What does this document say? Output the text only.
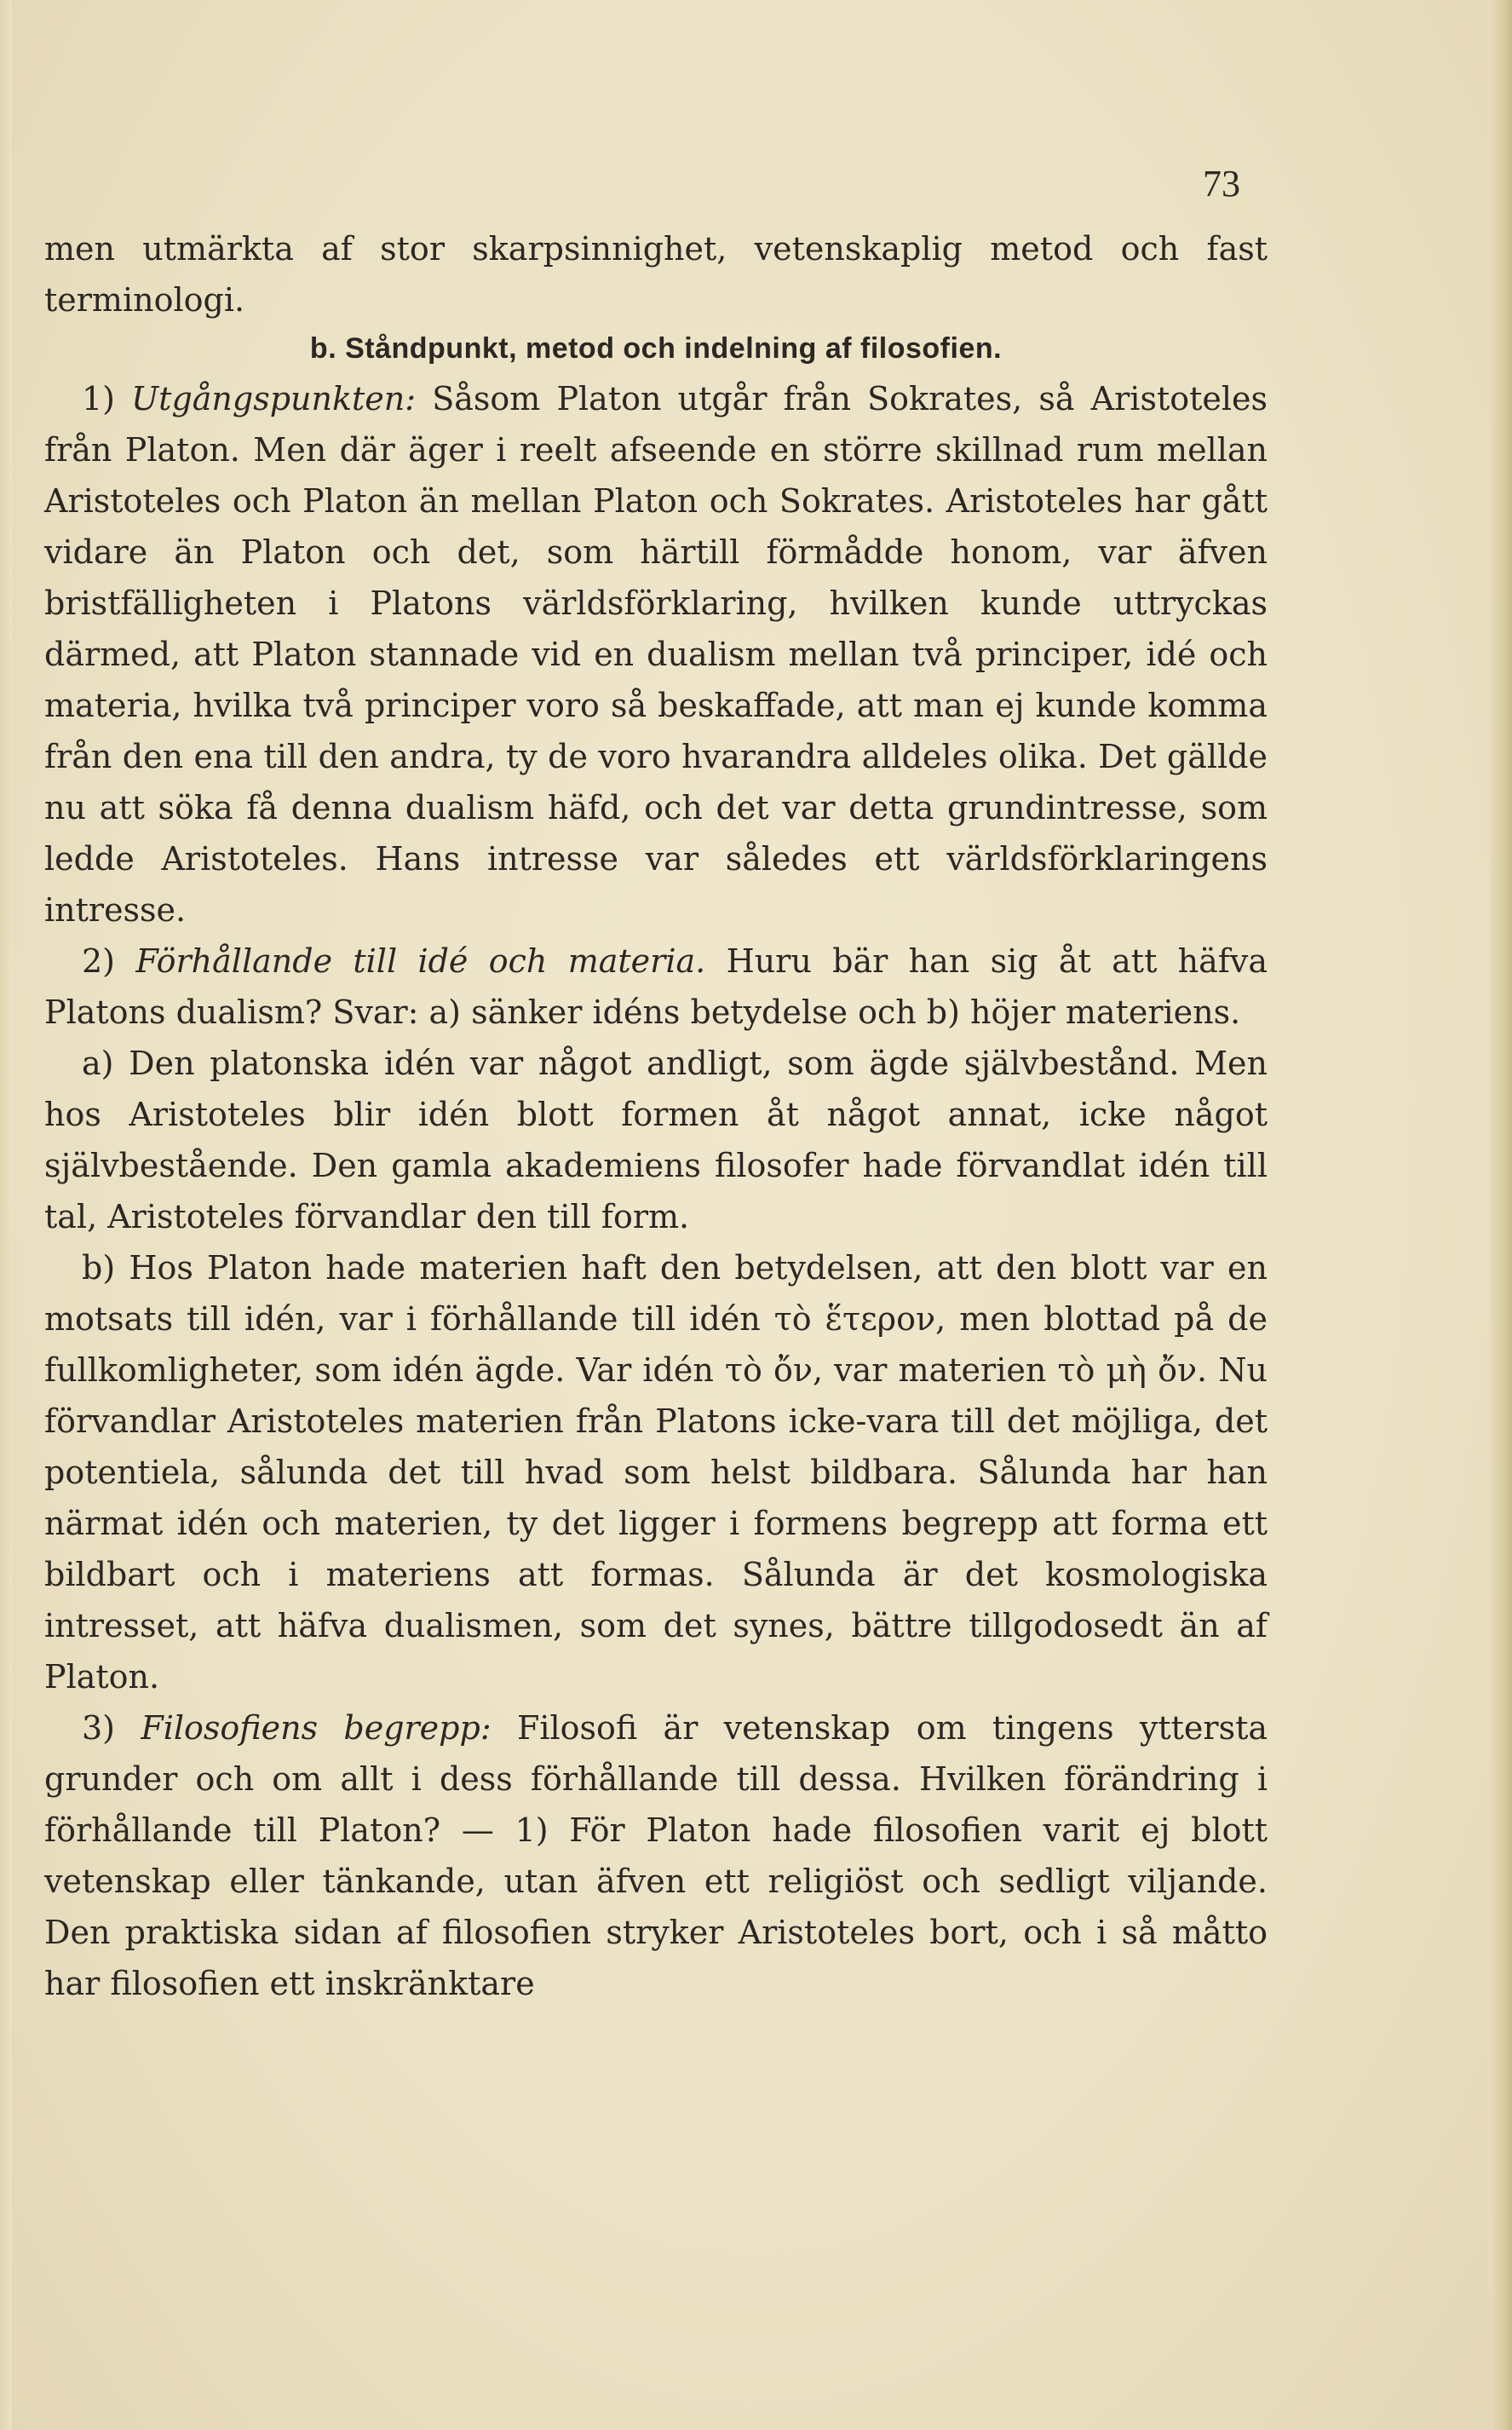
73

men utmärkta af stor skarpsinnighet, vetenskaplig metod och fast terminologi.

b. Ståndpunkt, metod och indelning af filosofien.

1) Utgångspunkten: Såsom Platon utgår från Sokrates, så Aristoteles från Platon. Men där äger i reelt afseende en större skillnad rum mellan Aristoteles och Platon än mellan Platon och Sokrates. Aristoteles har gått vidare än Platon och det, som härtill förmådde honom, var äfven bristfälligheten i Platons världsförklaring, hvilken kunde uttryckas därmed, att Platon stannade vid en dualism mellan två principer, idé och materia, hvilka två principer voro så beskaffade, att man ej kunde komma från den ena till den andra, ty de voro hvarandra alldeles olika. Det gällde nu att söka få denna dualism häfd, och det var detta grundintresse, som ledde Aristoteles. Hans intresse var således ett världsförklaringens intresse.

2) Förhållande till idé och materia. Huru bär han sig åt att häfva Platons dualism? Svar: a) sänker idéns betydelse och b) höjer materiens.

a) Den platonska idén var något andligt, som ägde självbestånd. Men hos Aristoteles blir idén blott formen åt något annat, icke något självbestående. Den gamla akademiens filosofer hade förvandlat idén till tal, Aristoteles förvandlar den till form.

b) Hos Platon hade materien haft den betydelsen, att den blott var en motsats till idén, var i förhållande till idén τὸ ἕτερον, men blottad på de fullkomligheter, som idén ägde. Var idén τὸ ὄν, var materien τὸ μὴ ὄν. Nu förvandlar Aristoteles materien från Platons icke-vara till det möjliga, det potentiela, sålunda det till hvad som helst bildbara. Sålunda har han närmat idén och materien, ty det ligger i formens begrepp att forma ett bildbart och i materiens att formas. Sålunda är det kosmologiska intresset, att häfva dualismen, som det synes, bättre tillgodosedt än af Platon.

3) Filosofiens begrepp: Filosofi är vetenskap om tingens yttersta grunder och om allt i dess förhållande till dessa. Hvilken förändring i förhållande till Platon? — 1) För Platon hade filosofien varit ej blott vetenskap eller tänkande, utan äfven ett religiöst och sedligt viljande. Den praktiska sidan af filosofien stryker Aristoteles bort, och i så måtto har filosofien ett inskränktare
